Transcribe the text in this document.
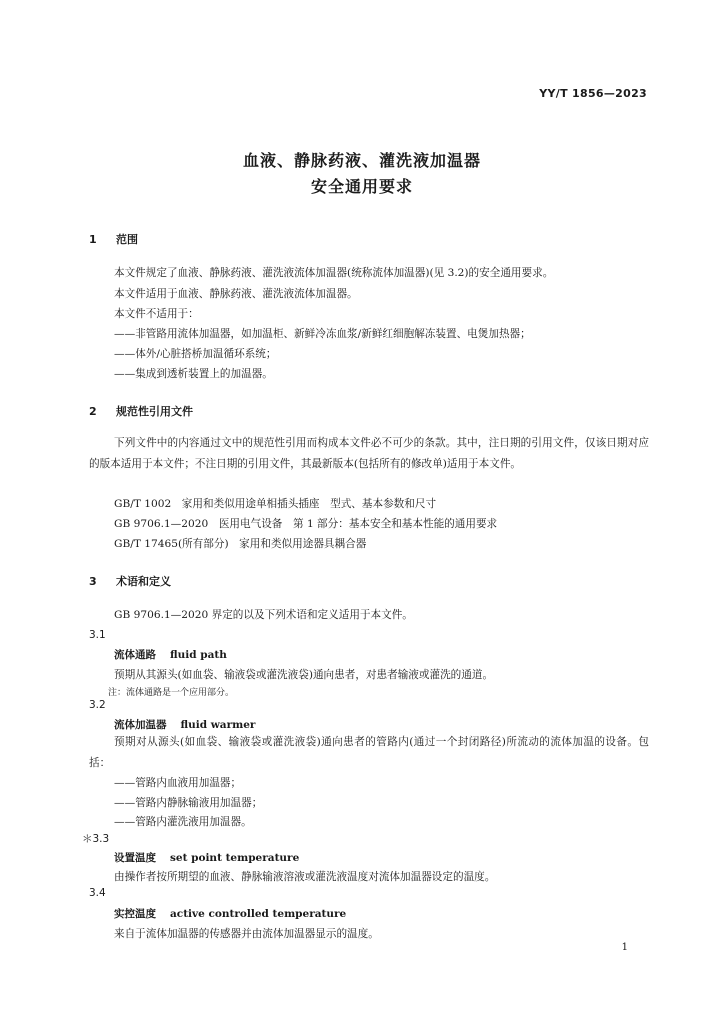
YY/T 1856—2023
血液、静脉药液、灌洗液加温器
安全通用要求
1 范围
本文件规定了血液、静脉药液、灌洗液流体加温器(统称流体加温器)(见 3.2)的安全通用要求。
本文件适用于血液、静脉药液、灌洗液流体加温器。
本文件不适用于：
——非管路用流体加温器，如加温柜、新鲜冷冻血浆/新鲜红细胞解冻装置、电煲加热器；
——体外/心脏搭桥加温循环系统；
——集成到透析装置上的加温器。
2 规范性引用文件
下列文件中的内容通过文中的规范性引用而构成本文件必不可少的条款。其中，注日期的引用文件，仅该日期对应的版本适用于本文件；不注日期的引用文件，其最新版本(包括所有的修改单)适用于本文件。
GB/T 1002　家用和类似用途单相插头插座　型式、基本参数和尺寸
GB 9706.1—2020　医用电气设备　第 1 部分：基本安全和基本性能的通用要求
GB/T 17465(所有部分)　家用和类似用途器具耦合器
3 术语和定义
GB 9706.1—2020 界定的以及下列术语和定义适用于本文件。
3.1
流体通路 fluid path
预期从其源头(如血袋、输液袋或灌洗液袋)通向患者，对患者输液或灌洗的通道。
注：流体通路是一个应用部分。
3.2
流体加温器 fluid warmer
预期对从源头(如血袋、输液袋或灌洗液袋)通向患者的管路内(通过一个封闭路径)所流动的流体加温的设备。包括：
——管路内血液用加温器；
——管路内静脉输液用加温器；
——管路内灌洗液用加温器。
＊3.3
设置温度 set point temperature
由操作者按所期望的血液、静脉输液溶液或灌洗液温度对流体加温器设定的温度。
3.4
实控温度 active controlled temperature
来自于流体加温器的传感器并由流体加温器显示的温度。
1
